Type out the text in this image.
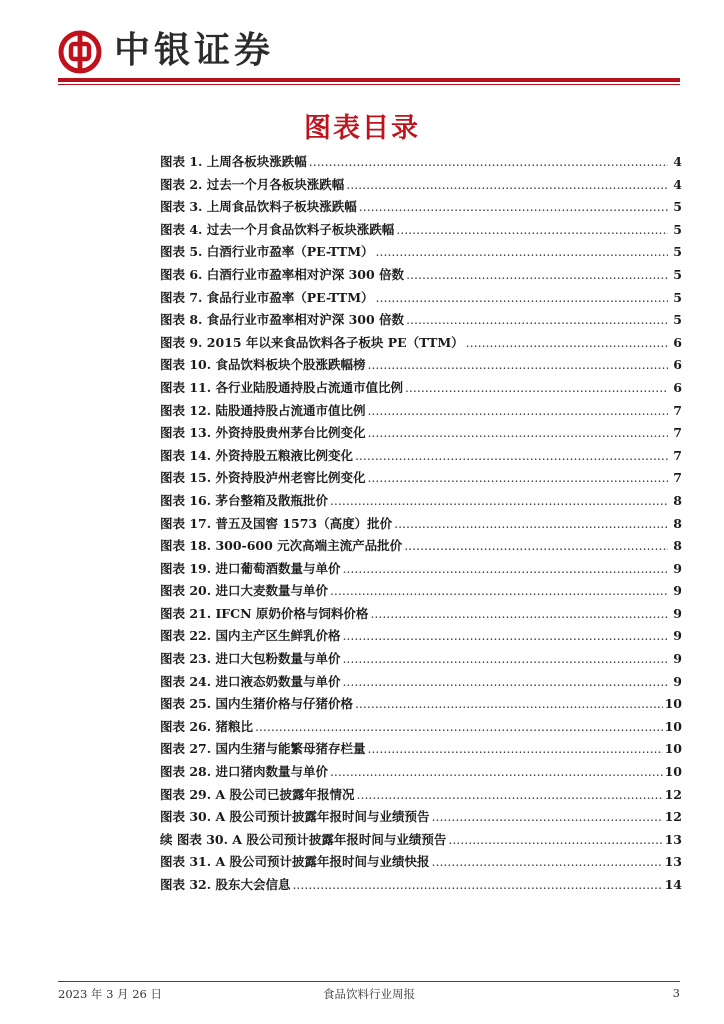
中银证券
图表目录
图表 1. 上周各板块涨跌幅 .....	4
图表 2. 过去一个月各板块涨跌幅 .....	4
图表 3. 上周食品饮料子板块涨跌幅 .....	5
图表 4. 过去一个月食品饮料子板块涨跌幅 .....	5
图表 5. 白酒行业市盈率（PE-TTM） .....	5
图表 6. 白酒行业市盈率相对沪深 300 倍数 .....	5
图表 7. 食品行业市盈率（PE-TTM） .....	5
图表 8. 食品行业市盈率相对沪深 300 倍数 .....	5
图表 9. 2015 年以来食品饮料各子板块 PE（TTM） .....	6
图表 10. 食品饮料板块个股涨跌幅榜 .....	6
图表 11. 各行业陆股通持股占流通市值比例 .....	6
图表 12. 陆股通持股占流通市值比例 .....	7
图表 13. 外资持股贵州茅台比例变化 .....	7
图表 14. 外资持股五粮液比例变化 .....	7
图表 15. 外资持股泸州老窖比例变化 .....	7
图表 16. 茅台整箱及散瓶批价 .....	8
图表 17. 普五及国窖 1573（高度）批价 .....	8
图表 18. 300-600 元次高端主流产品批价 .....	8
图表 19. 进口葡萄酒数量与单价 .....	9
图表 20. 进口大麦数量与单价 .....	9
图表 21. IFCN 原奶价格与饲料价格 .....	9
图表 22. 国内主产区生鲜乳价格 .....	9
图表 23. 进口大包粉数量与单价 .....	9
图表 24. 进口液态奶数量与单价 .....	9
图表 25. 国内生猪价格与仔猪价格 .....	10
图表 26. 猪粮比 .....	10
图表 27. 国内生猪与能繁母猪存栏量 .....	10
图表 28. 进口猪肉数量与单价 .....	10
图表 29. A 股公司已披露年报情况 .....	12
图表 30. A 股公司预计披露年报时间与业绩预告 .....	12
续 图表 30. A 股公司预计披露年报时间与业绩预告 .....	13
图表 31. A 股公司预计披露年报时间与业绩快报 .....	13
图表 32. 股东大会信息 .....	14
2023 年 3 月 26 日	食品饮料行业周报	3
